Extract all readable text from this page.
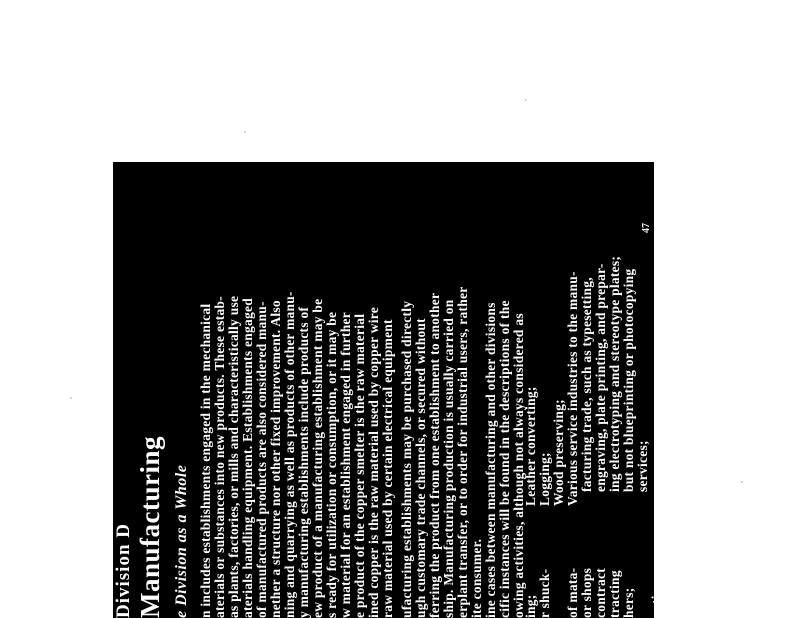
Division D Manufacturing e Division as a Whole n includes establishments engaged in the mechanical aterials or substances into new products. These estab- as plants, factories, or mills and characteristically use aterials handling equipment. Establishments engaged of manufactured products are also considered manu- nether a structure nor other fixed improvement. Also ning and quarrying as well as products of other manu- y manufacturing establishments include products of ew product of a manufacturing establishment may be s ready for utilization or consumption, or it may be w material for an establishment engaged in further e product of the copper smelter is the raw material ined copper is the raw material used by copper wire raw material used by certain electrical equipment ufacturing establishments may be purchased directly ugh customary trade channels, or secured without ferring the product from one establishment to another ship. Manufacturing production is usually carried on erplant transfer, or to order for industrial users, rather ite consumer. ine cases between manufacturing and other divisions cific instances will be found in the descriptions of the owing activities, although not always considered as
ing; r shuck- of mata- or shops contract tracting hers; uction;
Leather converting; Logging; Wood preserving; Various service industries to the manu- facturing trade, such as typesetting, engraving, plate printing, and prepar- ing electrotyping and stereotype plates; but not blueprinting or photocopying services;
47
